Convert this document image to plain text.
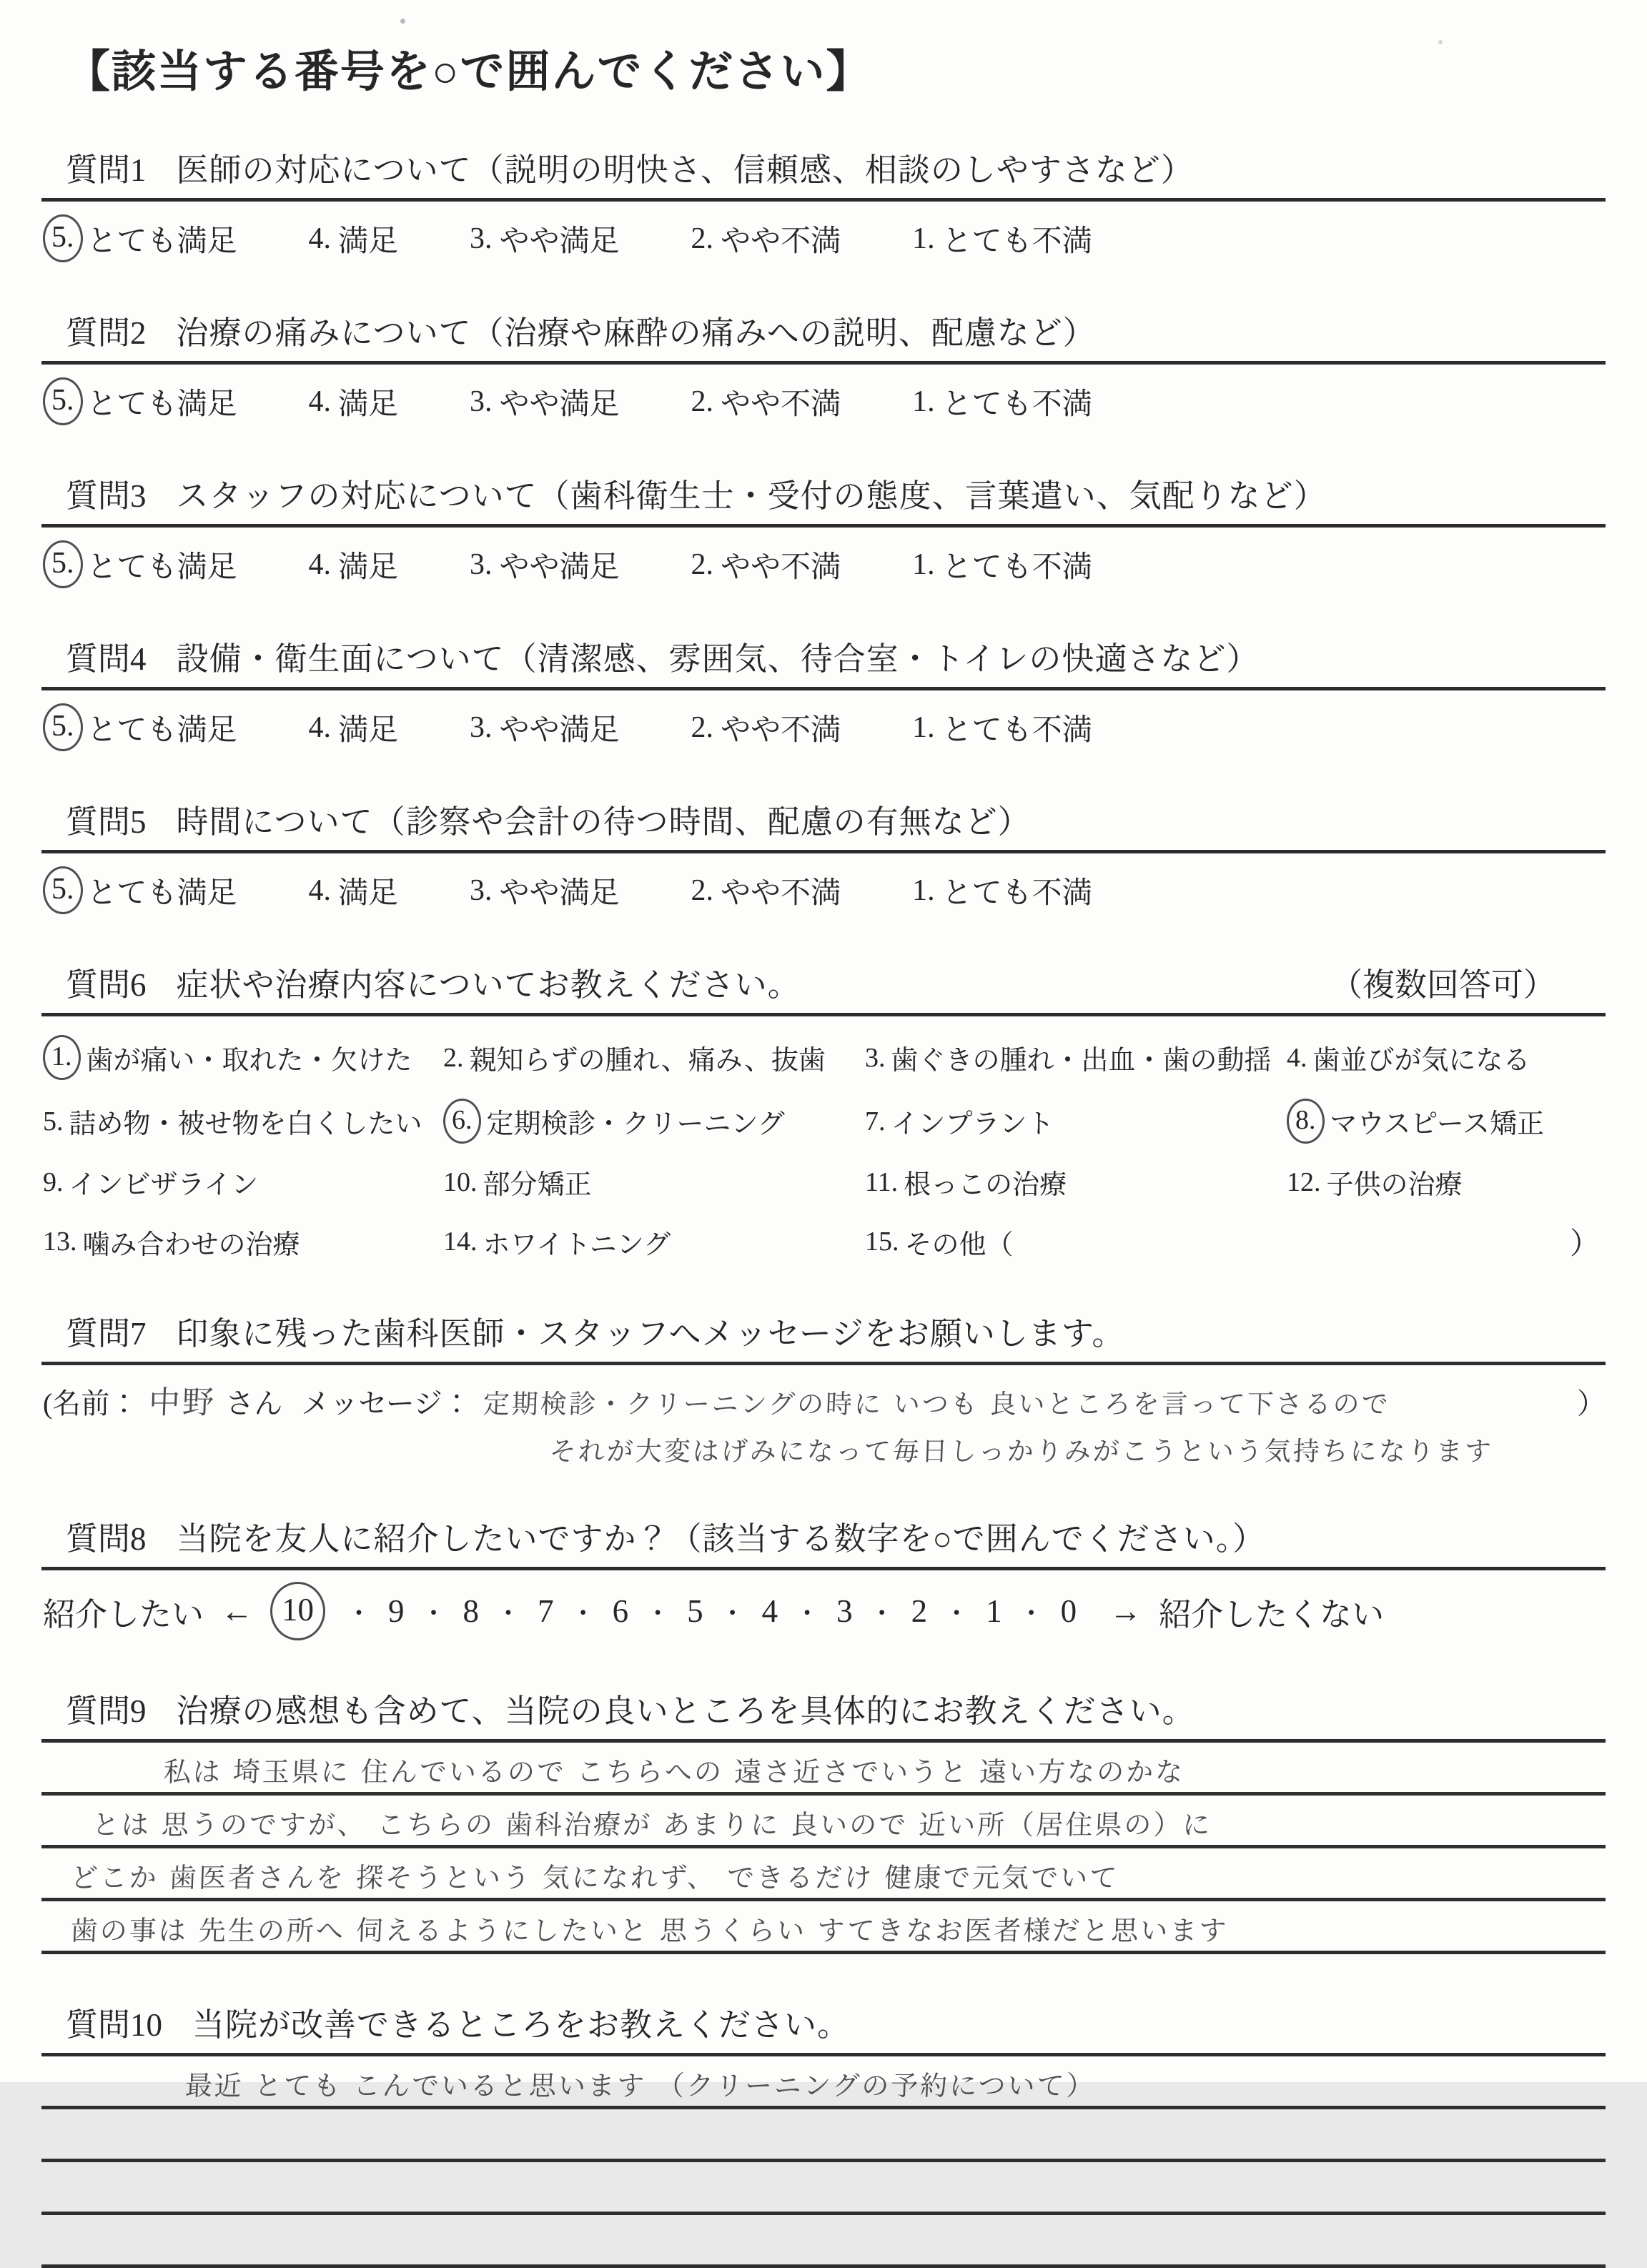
【該当する番号を○で囲んでください】
質問1 医師の対応について（説明の明快さ、信頼感、相談のしやすさなど）
5. とても満足 4. 満足 3. やや満足 2. やや不満 1. とても不満
質問2 治療の痛みについて（治療や麻酔の痛みへの説明、配慮など）
5. とても満足 4. 満足 3. やや満足 2. やや不満 1. とても不満
質問3 スタッフの対応について（歯科衛生士・受付の態度、言葉遣い、気配りなど）
5. とても満足 4. 満足 3. やや満足 2. やや不満 1. とても不満
質問4 設備・衛生面について（清潔感、雰囲気、待合室・トイレの快適さなど）
5. とても満足 4. 満足 3. やや満足 2. やや不満 1. とても不満
質問5 時間について（診察や会計の待つ時間、配慮の有無など）
5. とても満足 4. 満足 3. やや満足 2. やや不満 1. とても不満
質問6 症状や治療内容についてお教えください。	（複数回答可）
1. 歯が痛い・取れた・欠けた 2. 親知らずの腫れ、痛み、抜歯 3. 歯ぐきの腫れ・出血・歯の動揺 4. 歯並びが気になる
5. 詰め物・被せ物を白くしたい	6. 定期検診・クリーニング	7. インプラント	8. マウスピース矯正
9. インビザライン	10. 部分矯正	11. 根っこの治療	12. 子供の治療
13. 噛み合わせの治療	14. ホワイトニング	15. その他（	）
質問7 印象に残った歯科医師・スタッフへメッセージをお願いします。
(名前： 中野 さん メッセージ： 定期検診・クリーニングの時に いつも 良いところを言って下さるので	）
それが大変はげみになって毎日しっかりみがこうという気持ちになります
質問8 当院を友人に紹介したいですか？（該当する数字を○で囲んでください。）
紹介したい ← 10	・ 9 ・ 8 ・ 7 ・ 6 ・ 5 ・ 4 ・ 3 ・ 2 ・ 1 ・ 0 → 紹介したくない
質問9 治療の感想も含めて、当院の良いところを具体的にお教えください。
私は 埼玉県に 住んでいるので こちらへの 遠さ近さでいうと 遠い方なのかな
とは 思うのですが、 こちらの 歯科治療が あまりに 良いので 近い所（居住県の）に
どこか 歯医者さんを 探そうという 気になれず、 できるだけ 健康で元気でいて
歯の事は 先生の所へ 伺えるようにしたいと 思うくらい すてきなお医者様だと思います
質問10 当院が改善できるところをお教えください。
最近 とても こんでいると思います （クリーニングの予約について）
